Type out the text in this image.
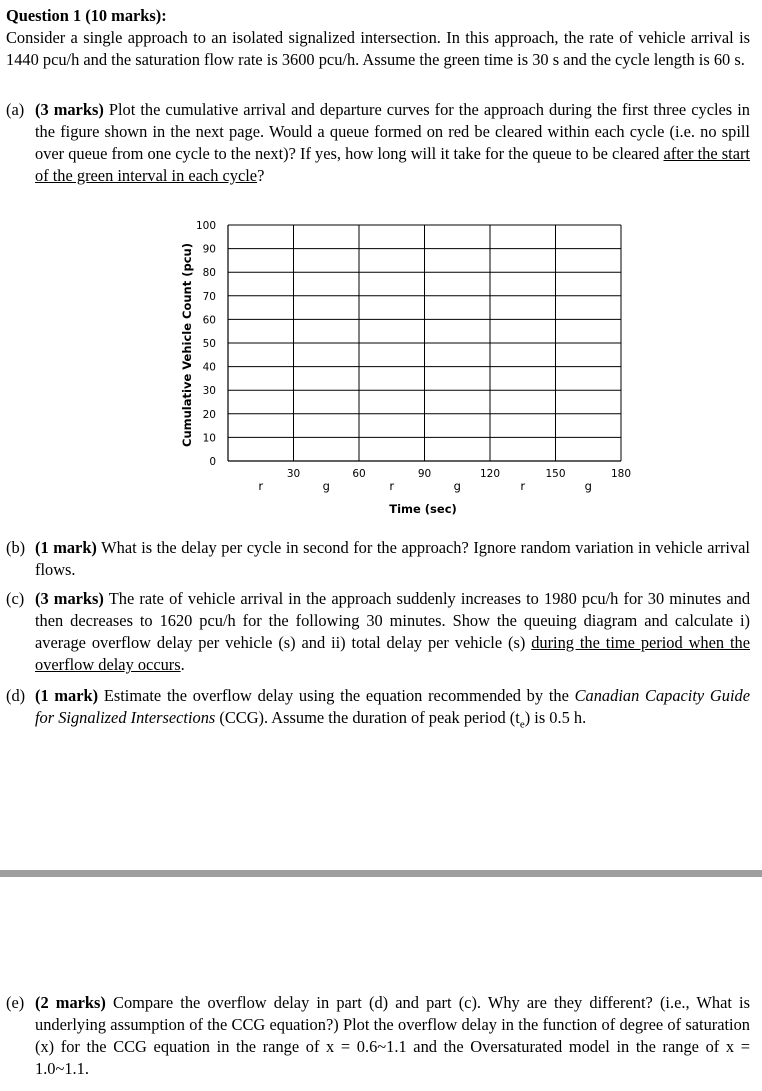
Question 1 (10 marks):
Consider a single approach to an isolated signalized intersection. In this approach, the rate of vehicle arrival is 1440 pcu/h and the saturation flow rate is 3600 pcu/h. Assume the green time is 30 s and the cycle length is 60 s.
(a) (3 marks) Plot the cumulative arrival and departure curves for the approach during the first three cycles in the figure shown in the next page. Would a queue formed on red be cleared within each cycle (i.e. no spill over queue from one cycle to the next)? If yes, how long will it take for the queue to be cleared after the start of the green interval in each cycle?
0
10
20
30
40
50
60
70
80
90
100
30	60	90	120	150	180
r	g	r	g	r	g
Time (sec)
Cumulative Vehicle Count (pcu)
(b) (1 mark) What is the delay per cycle in second for the approach? Ignore random variation in vehicle arrival flows.
(c) (3 marks) The rate of vehicle arrival in the approach suddenly increases to 1980 pcu/h for 30 minutes and then decreases to 1620 pcu/h for the following 30 minutes. Show the queuing diagram and calculate i) average overflow delay per vehicle (s) and ii) total delay per vehicle (s) during the time period when the overflow delay occurs.
(d) (1 mark) Estimate the overflow delay using the equation recommended by the Canadian Capacity Guide for Signalized Intersections (CCG). Assume the duration of peak period $(t_e)$ is 0.5 h.
(e) (2 marks) Compare the overflow delay in part (d) and part (c). Why are they different? (i.e., What is underlying assumption of the CCG equation?) Plot the overflow delay in the function of degree of saturation (x) for the CCG equation in the range of x = 0.6~1.1 and the Oversaturated model in the range of x = 1.0~1.1.
